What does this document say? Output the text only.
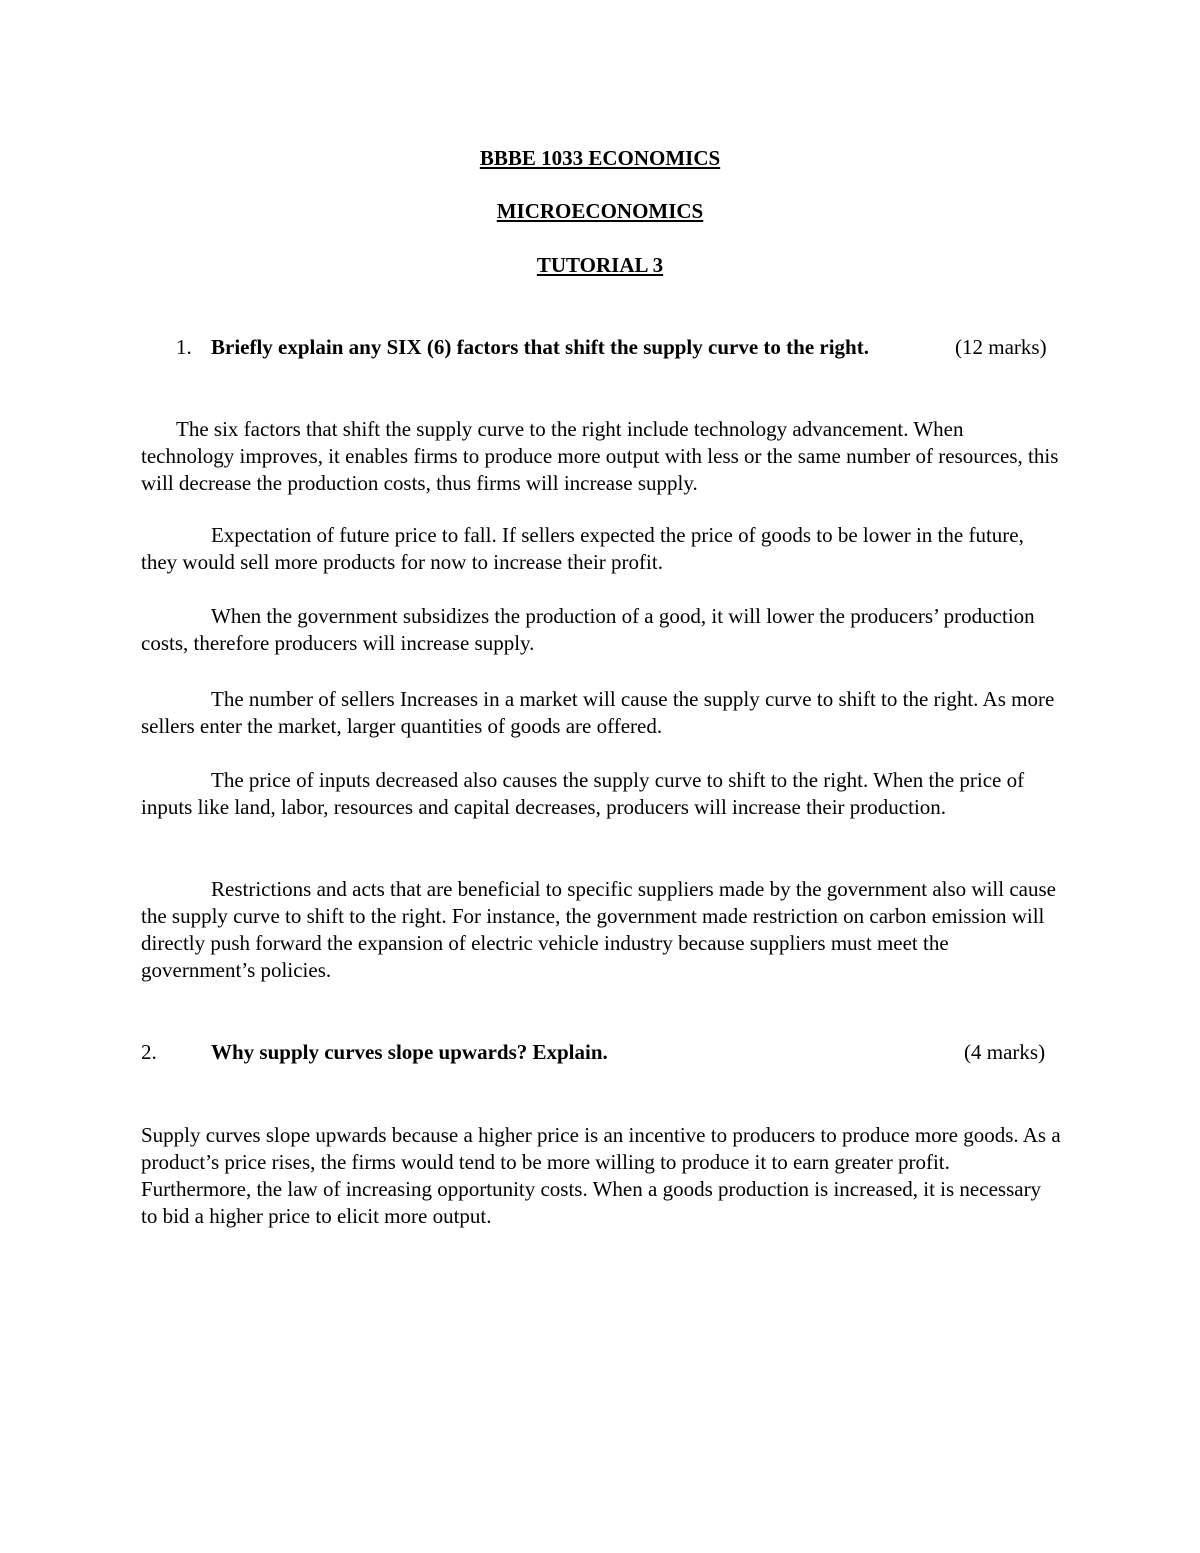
BBBE 1033 ECONOMICS
MICROECONOMICS
TUTORIAL 3
1. Briefly explain any SIX (6) factors that shift the supply curve to the right.	(12 marks)

The six factors that shift the supply curve to the right include technology advancement. When technology improves, it enables firms to produce more output with less or the same number of resources, this will decrease the production costs, thus firms will increase supply.

Expectation of future price to fall. If sellers expected the price of goods to be lower in the future, they would sell more products for now to increase their profit.

When the government subsidizes the production of a good, it will lower the producers’ production costs, therefore producers will increase supply.

The number of sellers Increases in a market will cause the supply curve to shift to the right. As more sellers enter the market, larger quantities of goods are offered.

The price of inputs decreased also causes the supply curve to shift to the right. When the price of inputs like land, labor, resources and capital decreases, producers will increase their production.

Restrictions and acts that are beneficial to specific suppliers made by the government also will cause the supply curve to shift to the right. For instance, the government made restriction on carbon emission will directly push forward the expansion of electric vehicle industry because suppliers must meet the government’s policies.

2.	Why supply curves slope upwards? Explain.	(4 marks)

Supply curves slope upwards because a higher price is an incentive to producers to produce more goods. As a product’s price rises, the firms would tend to be more willing to produce it to earn greater profit. Furthermore, the law of increasing opportunity costs. When a goods production is increased, it is necessary to bid a higher price to elicit more output.
